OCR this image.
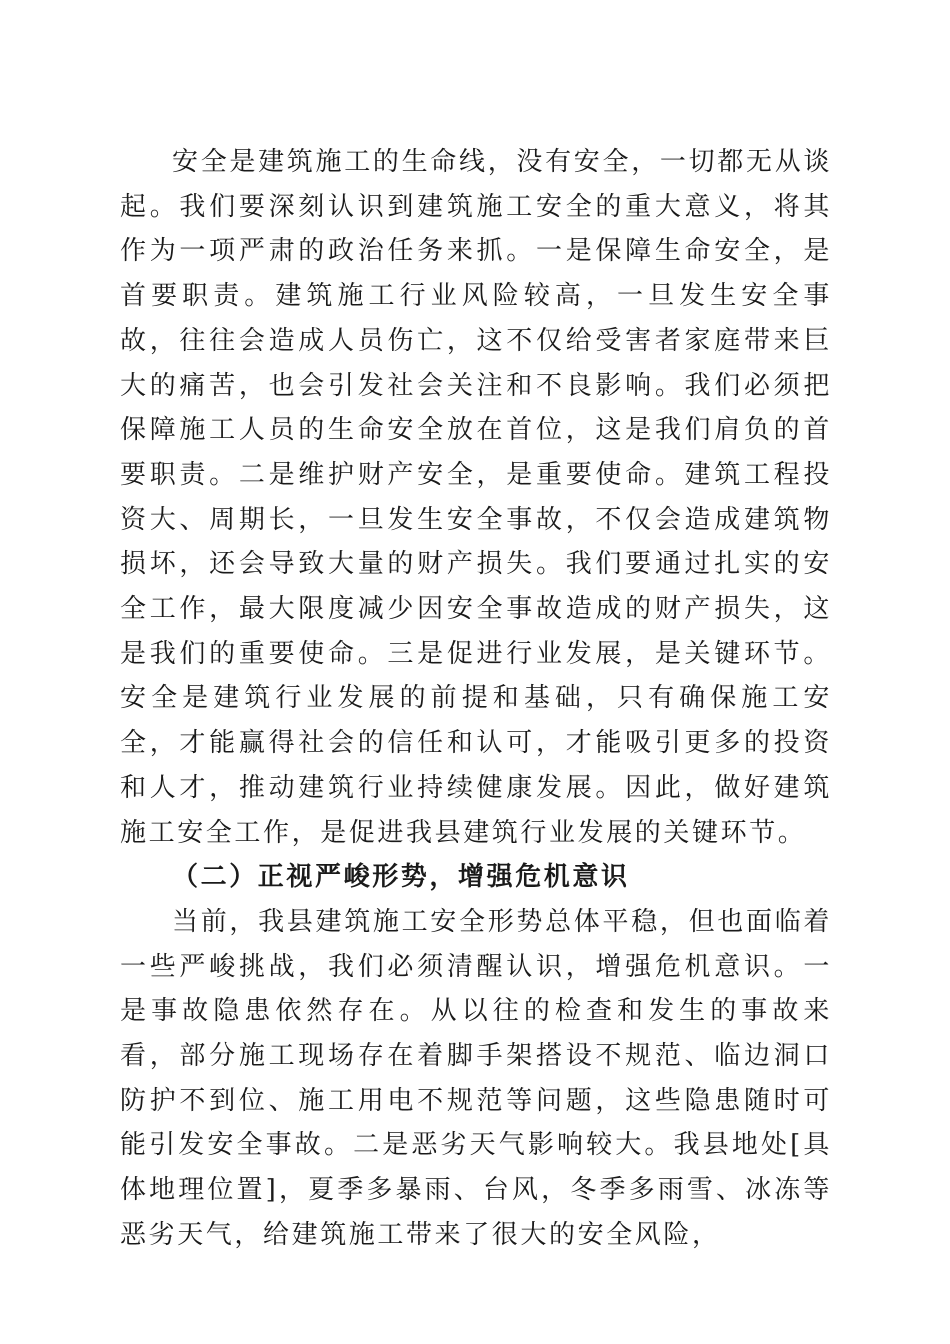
安全是建筑施工的生命线，没有安全，一切都无从谈起。我们要深刻认识到建筑施工安全的重大意义，将其作为一项严肃的政治任务来抓。一是保障生命安全，是首要职责。建筑施工行业风险较高，一旦发生安全事故，往往会造成人员伤亡，这不仅给受害者家庭带来巨大的痛苦，也会引发社会关注和不良影响。我们必须把保障施工人员的生命安全放在首位，这是我们肩负的首要职责。二是维护财产安全，是重要使命。建筑工程投资大、周期长，一旦发生安全事故，不仅会造成建筑物损坏，还会导致大量的财产损失。我们要通过扎实的安全工作，最大限度减少因安全事故造成的财产损失，这是我们的重要使命。三是促进行业发展，是关键环节。安全是建筑行业发展的前提和基础，只有确保施工安全，才能赢得社会的信任和认可，才能吸引更多的投资和人才，推动建筑行业持续健康发展。因此，做好建筑施工安全工作，是促进我县建筑行业发展的关键环节。

（二）正视严峻形势，增强危机意识

当前，我县建筑施工安全形势总体平稳，但也面临着一些严峻挑战，我们必须清醒认识，增强危机意识。一是事故隐患依然存在。从以往的检查和发生的事故来看，部分施工现场存在着脚手架搭设不规范、临边洞口防护不到位、施工用电不规范等问题，这些隐患随时可能引发安全事故。二是恶劣天气影响较大。我县地处[具体地理位置]，夏季多暴雨、台风，冬季多雨雪、冰冻等恶劣天气，给建筑施工带来了很大的安全风险，
